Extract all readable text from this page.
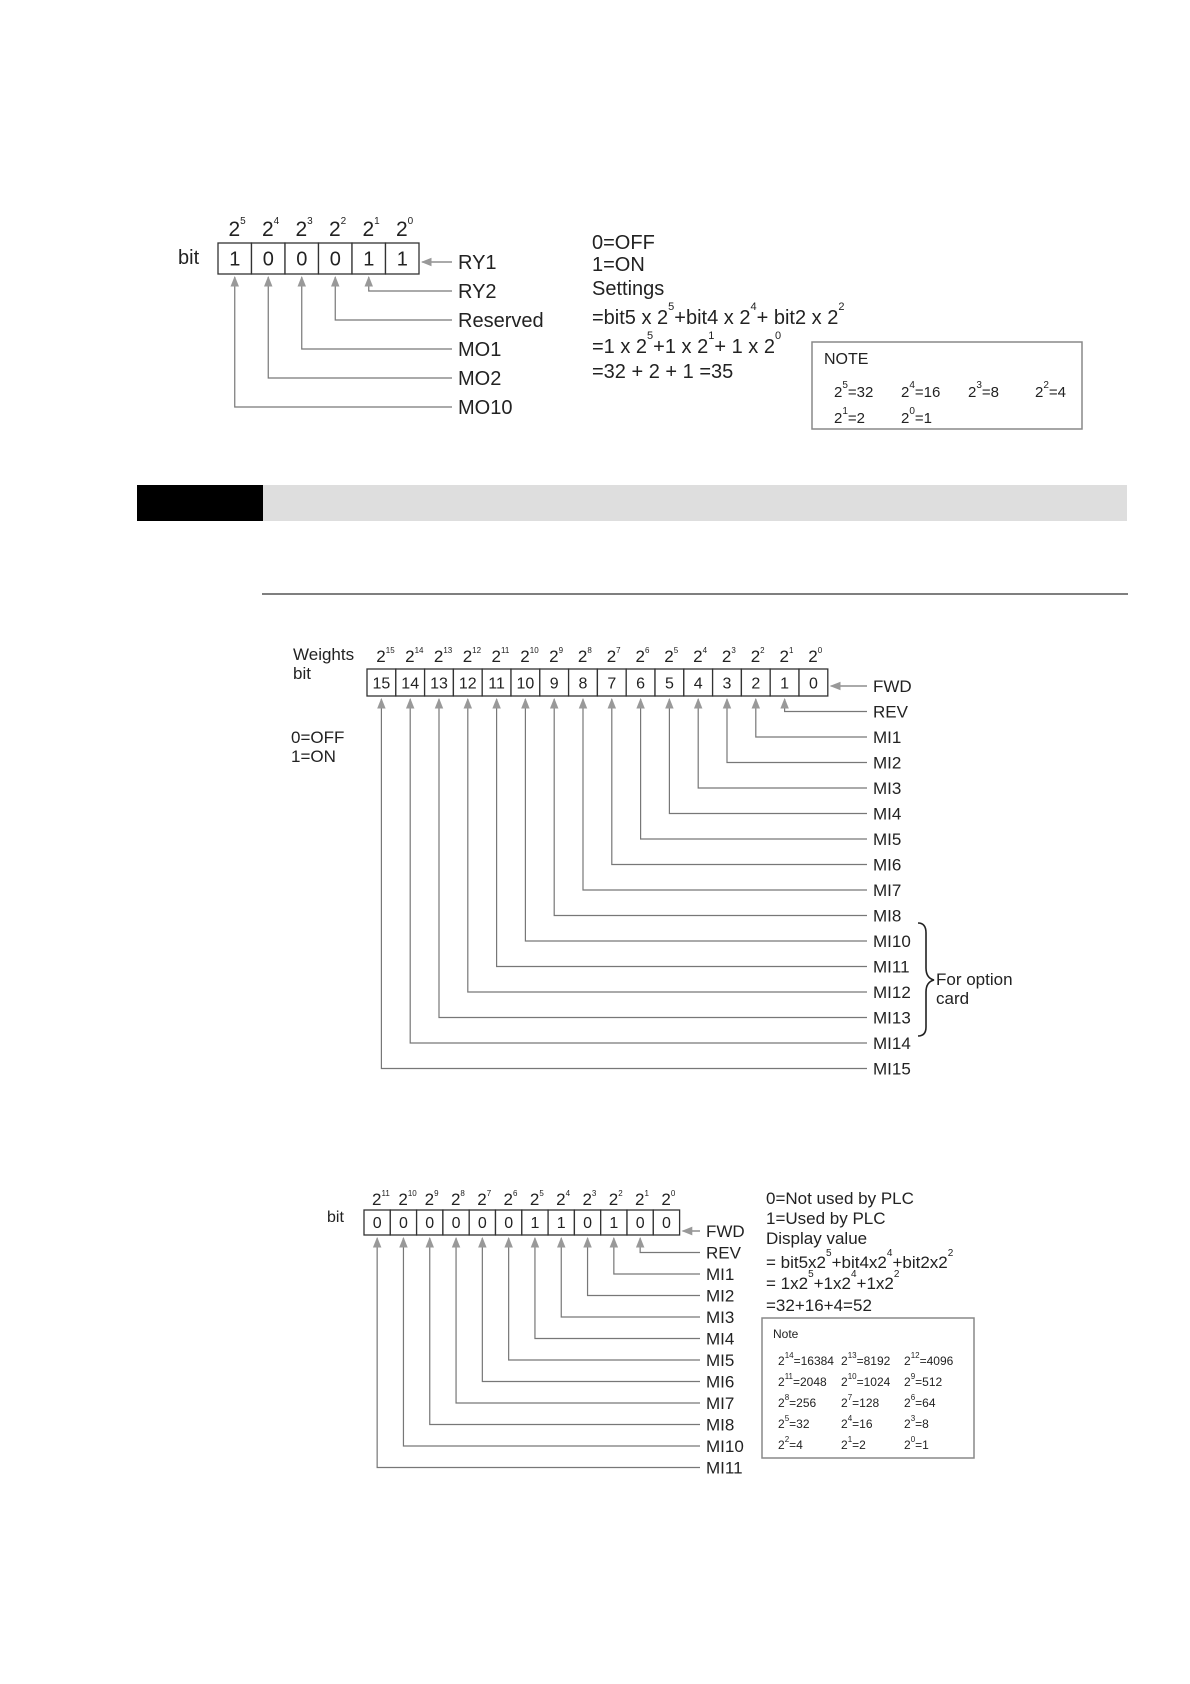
bit
$2^5$ $2^4$ $2^3$ $2^2$ $2^1$ $2^0$
1 0 0 0 1 1	RY1
RY2
Reserved
MO1
MO2
MO10
0=OFF
1=ON
Settings
=bit5 x $2^5+bit4$ x $2^4+ bit2$ x $2^2$
=1 x $2^5+1$ x $2^1+ 1$ x $2^0$
=32 + 2 + 1 =35
NOTE
$2^5=32$ $2^4=16$ $2^3=8$ $2^2=4$
$2^1=2$ $2^0=1$
Weights
bit
0=OFF
1=ON
$2^{15}$ $2^{14}$ $2^{13}$ $2^{12}$ $2^{11}$ $2^{10}$ $2^9$ $2^8$ $2^7$ $2^6$ $2^5$ $2^4$ $2^3$ $2^2$ $2^1$ $2^0$
15 14 13 12 11 10 9 8 7 6 5 4 3 2 1 0	FWD
REV
MI1
MI2
MI3
MI4
MI5
MI6
MI7
MI8
MI10
MI11
MI12
MI13
MI14
MI15
For option
card
bit
$2^{11}$ $2^{10}$ $2^9$ $2^8$ $2^7$ $2^6$ $2^5$ $2^4$ $2^3$ $2^2$ $2^1$ $2^0$
0 0 0 0 0 0 1 1 0 1 0 0 FWD
REV
MI1
MI2
MI3
MI4
MI5
MI6
MI7
MI8
MI10
MI11
0=Not used by PLC
1=Used by PLC
Display value
= $bit5x2^5+bit4x2^4+bit2x2^2$
= $1x2^5+1x2^4+1x2^2$
=32+16+4=52
Note
$2^{14}=16384$ $2^{13}=8192$ $2^{12}=4096$
$2^{11}=2048$ $2^{10}=1024$ $2^9=512$
$2^8=256$ $2^7=128$ $2^6=64$
$2^5=32$	$2^4=16$	$2^3=8$
$2^2=4$	$2^1=2$	$2^0=1$
